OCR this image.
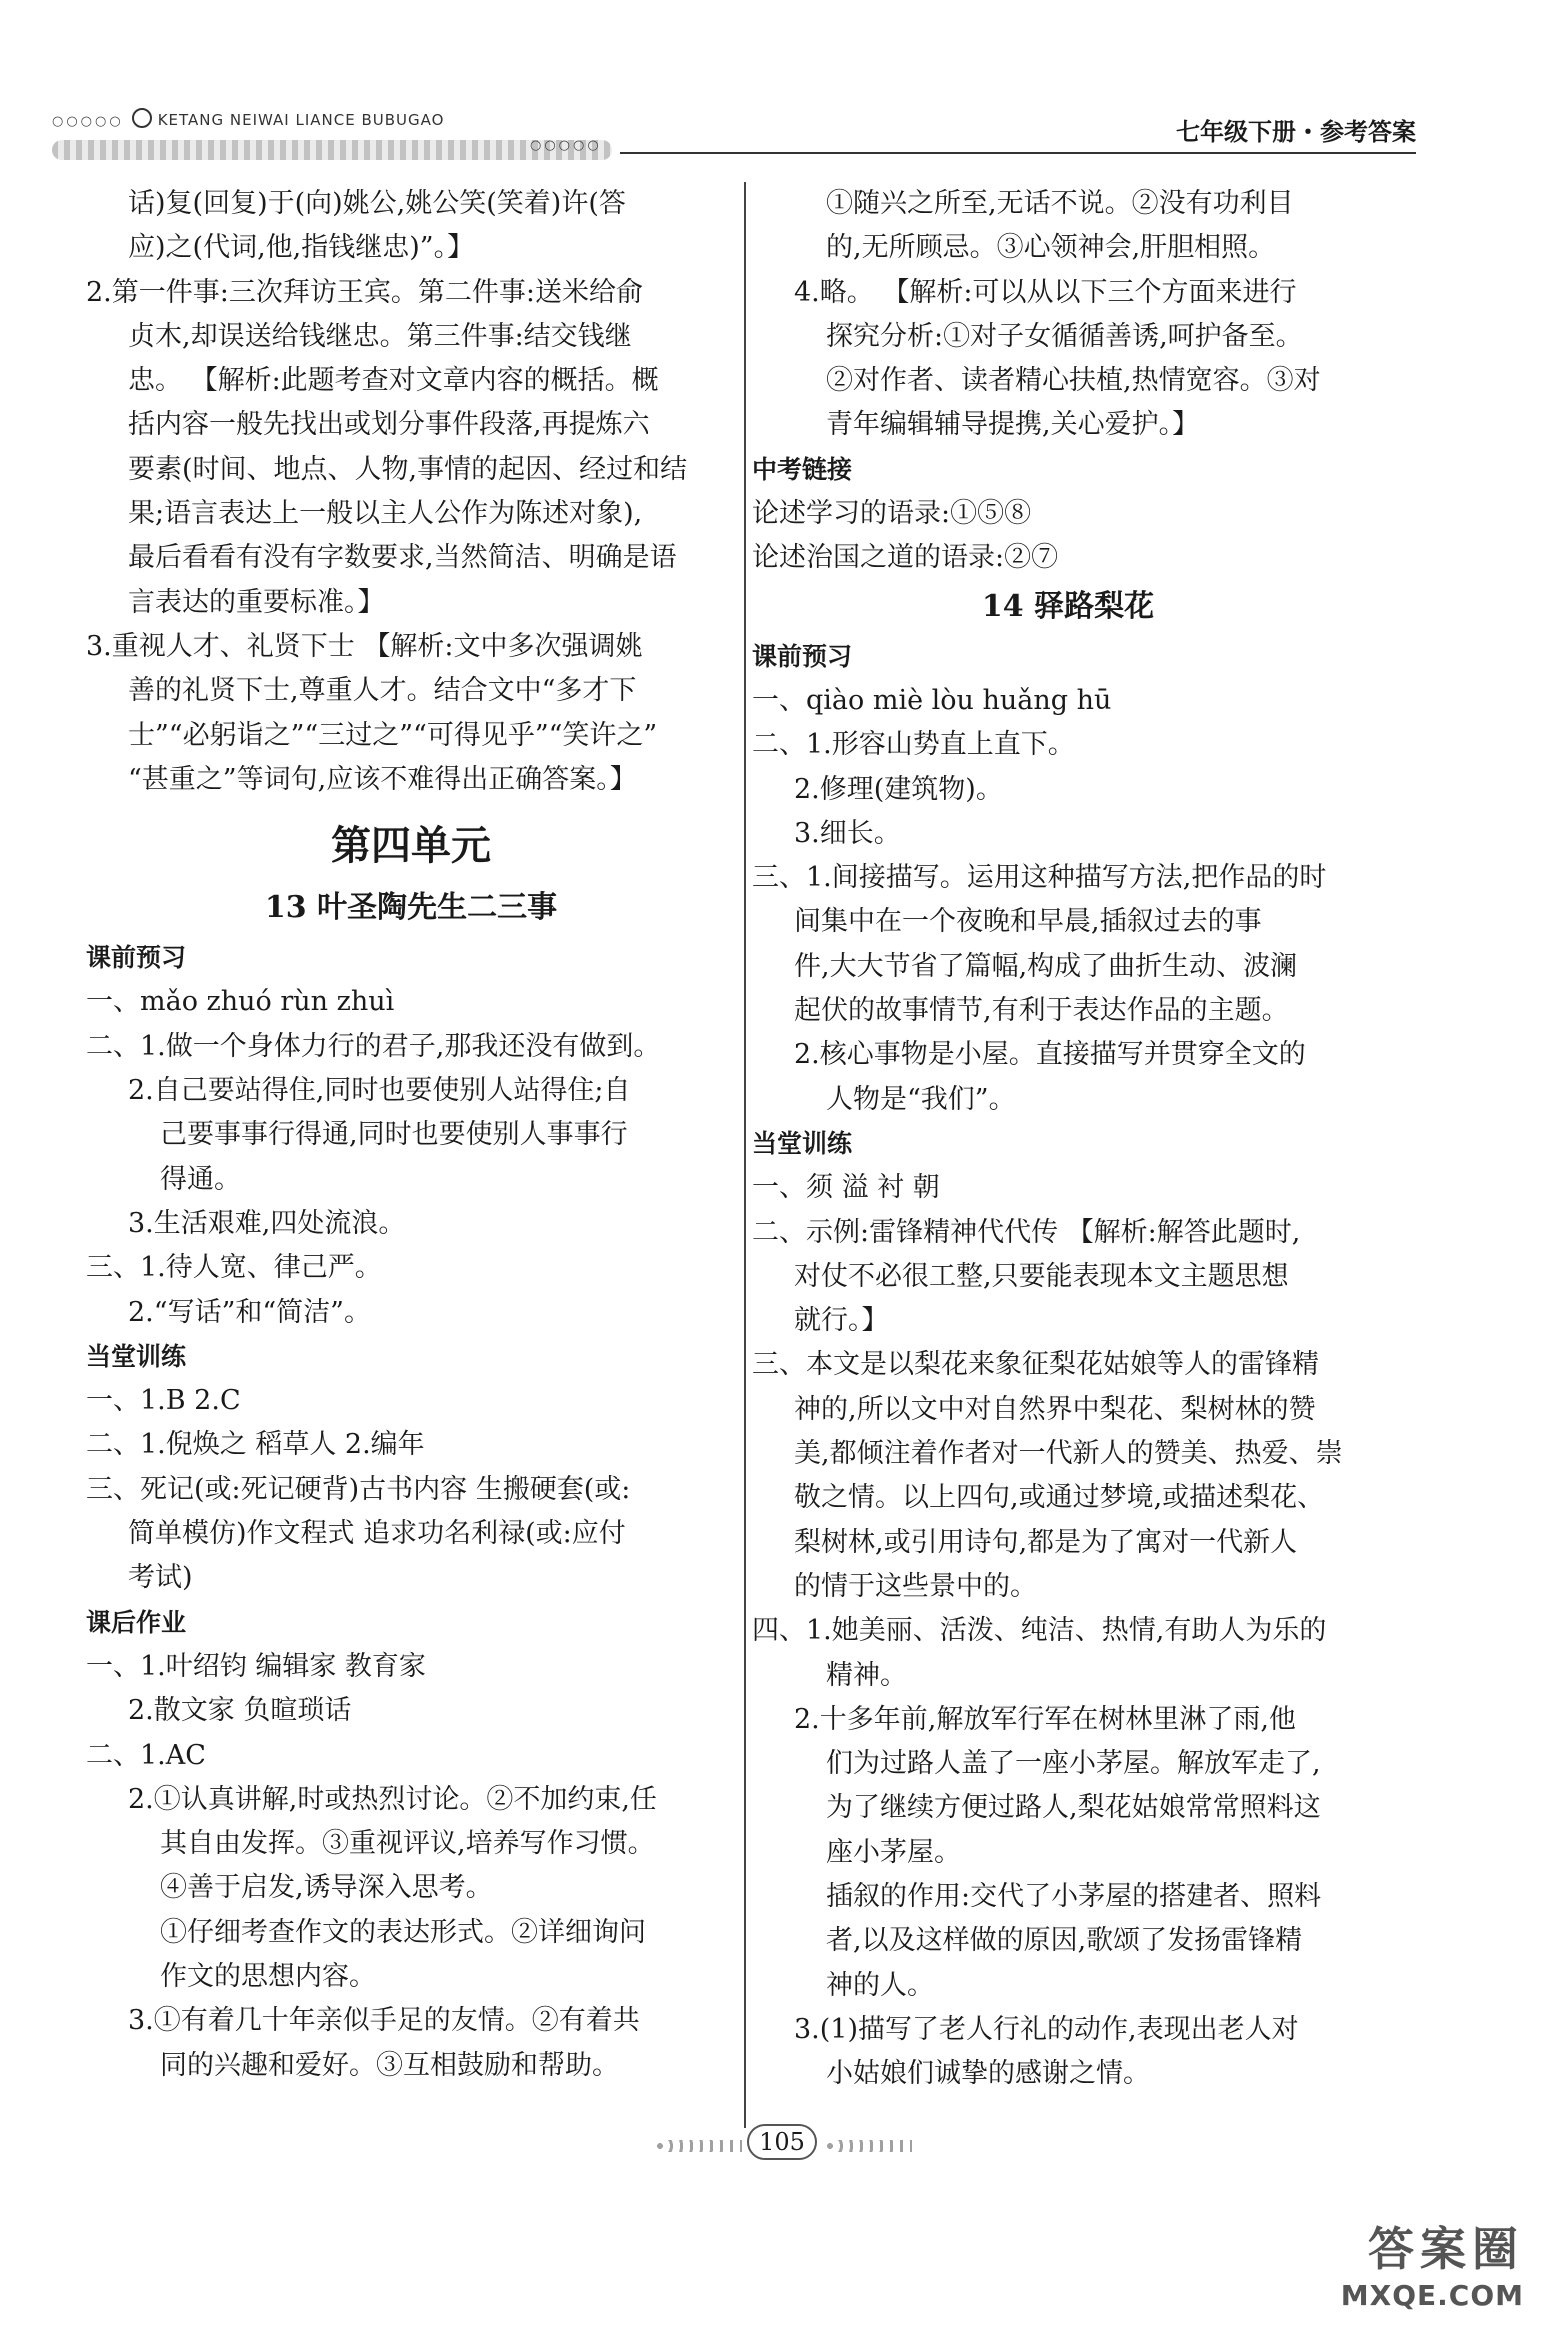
○○○○○ KETANG NEIWAI LIANCE BUBUGAO	七年级下册・参考答案
○○○○○
话)复(回复)于(向)姚公,姚公笑(笑着)许(答
应)之(代词,他,指钱继忠)”。】
2.第一件事:三次拜访王宾。第二件事:送米给俞
贞木,却误送给钱继忠。第三件事:结交钱继
忠。 【解析:此题考查对文章内容的概括。概
括内容一般先找出或划分事件段落,再提炼六
要素(时间、地点、人物,事情的起因、经过和结
果;语言表达上一般以主人公作为陈述对象),
最后看看有没有字数要求,当然简洁、明确是语
言表达的重要标准。】
3.重视人才、礼贤下士 【解析:文中多次强调姚
善的礼贤下士,尊重人才。结合文中“多才下
士”“必躬诣之”“三过之”“可得见乎”“笑许之”
“甚重之”等词句,应该不难得出正确答案。】
第四单元
13 叶圣陶先生二三事
课前预习
一、mǎo zhuó rùn zhuì
二、1.做一个身体力行的君子,那我还没有做到。
2.自己要站得住,同时也要使别人站得住;自
己要事事行得通,同时也要使别人事事行
得通。
3.生活艰难,四处流浪。
三、1.待人宽、律己严。
2.“写话”和“简洁”。
当堂训练
一、1.B 2.C
二、1.倪焕之 稻草人 2.编年
三、死记(或:死记硬背)古书内容 生搬硬套(或:
简单模仿)作文程式 追求功名利禄(或:应付
考试)
课后作业
一、1.叶绍钧 编辑家 教育家
2.散文家 负暄琐话
二、1.AC
2.①认真讲解,时或热烈讨论。②不加约束,任
其自由发挥。③重视评议,培养写作习惯。
④善于启发,诱导深入思考。
①仔细考查作文的表达形式。②详细询问
作文的思想内容。
3.①有着几十年亲似手足的友情。②有着共
同的兴趣和爱好。③互相鼓励和帮助。
①随兴之所至,无话不说。②没有功利目
的,无所顾忌。③心领神会,肝胆相照。
4.略。 【解析:可以从以下三个方面来进行
探究分析:①对子女循循善诱,呵护备至。
②对作者、读者精心扶植,热情宽容。③对
青年编辑辅导提携,关心爱护。】
中考链接
论述学习的语录:①⑤⑧
论述治国之道的语录:②⑦
14 驿路梨花
课前预习
一、qiào miè lòu huǎng hū
二、1.形容山势直上直下。
2.修理(建筑物)。
3.细长。
三、1.间接描写。运用这种描写方法,把作品的时
间集中在一个夜晚和早晨,插叙过去的事
件,大大节省了篇幅,构成了曲折生动、波澜
起伏的故事情节,有利于表达作品的主题。
2.核心事物是小屋。直接描写并贯穿全文的
人物是“我们”。
当堂训练
一、须 溢 衬 朝
二、示例:雷锋精神代代传 【解析:解答此题时,
对仗不必很工整,只要能表现本文主题思想
就行。】
三、本文是以梨花来象征梨花姑娘等人的雷锋精
神的,所以文中对自然界中梨花、梨树林的赞
美,都倾注着作者对一代新人的赞美、热爱、崇
敬之情。以上四句,或通过梦境,或描述梨花、
梨树林,或引用诗句,都是为了寓对一代新人
的情于这些景中的。
四、1.她美丽、活泼、纯洁、热情,有助人为乐的
精神。
2.十多年前,解放军行军在树林里淋了雨,他
们为过路人盖了一座小茅屋。解放军走了,
为了继续方便过路人,梨花姑娘常常照料这
座小茅屋。
插叙的作用:交代了小茅屋的搭建者、照料
者,以及这样做的原因,歌颂了发扬雷锋精
神的人。
3.(1)描写了老人行礼的动作,表现出老人对
小姑娘们诚挚的感谢之情。
105
答案圈
MXQE.COM
